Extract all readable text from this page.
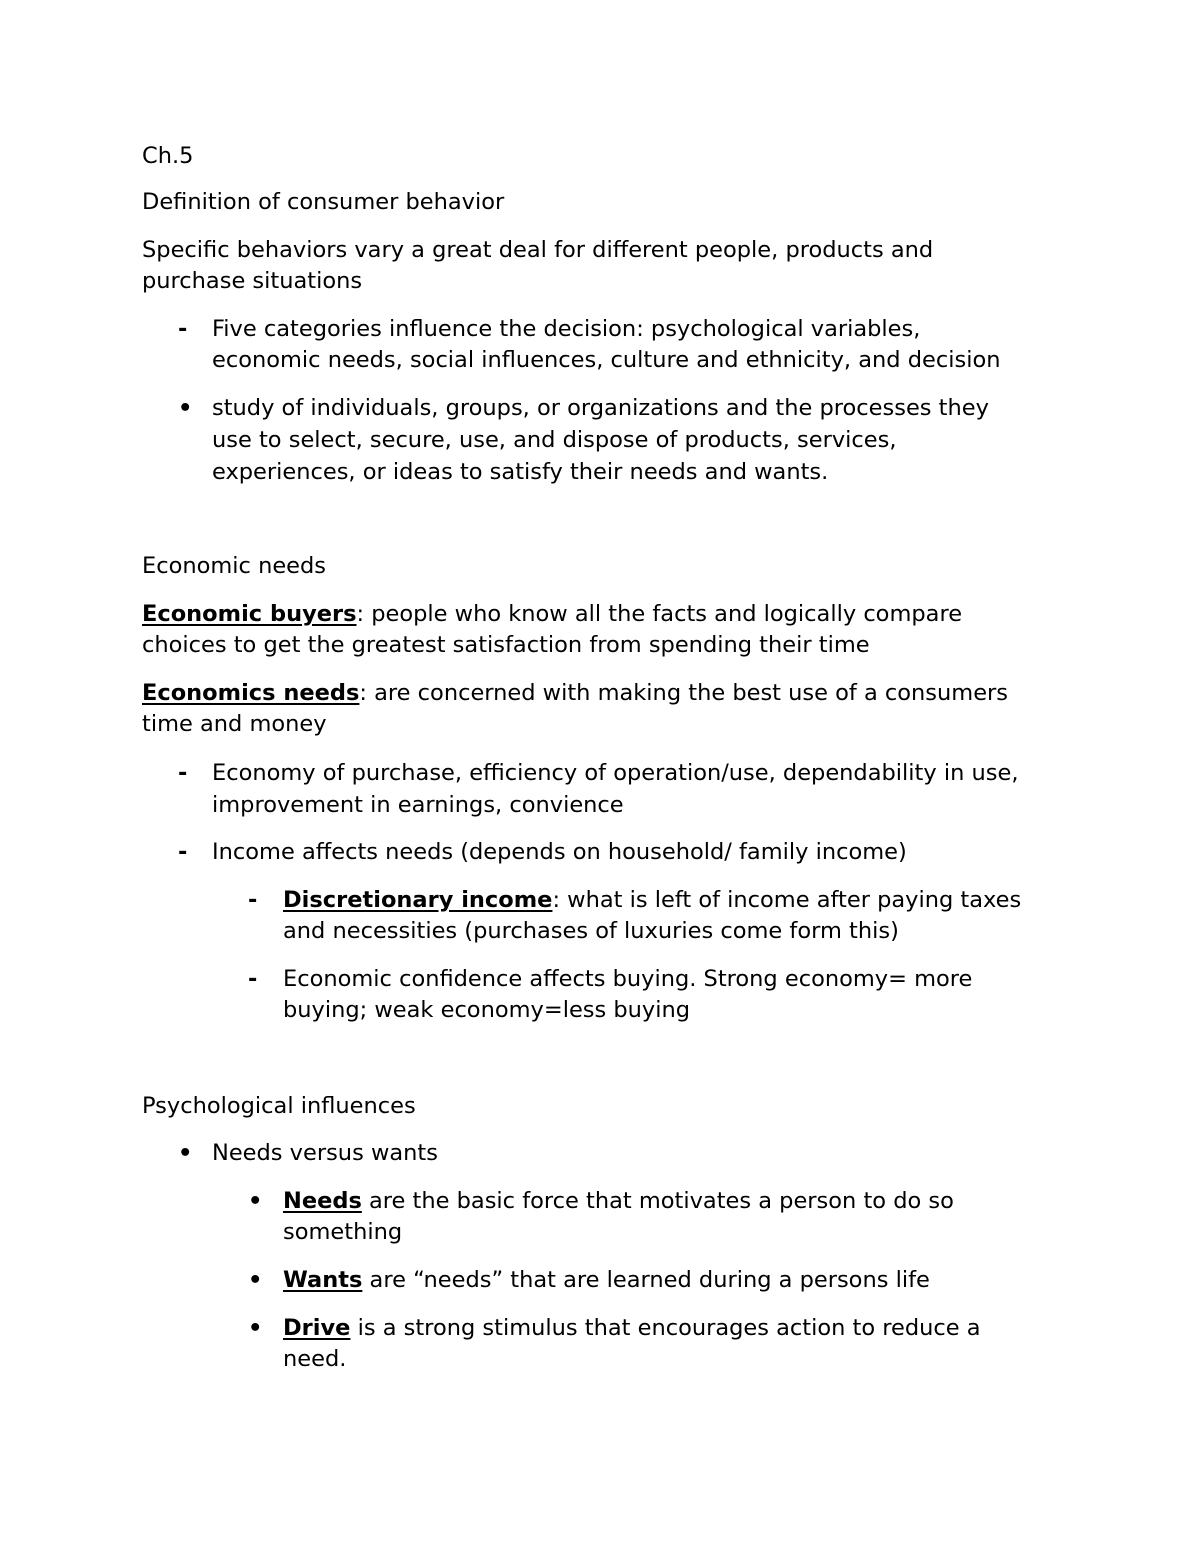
Ch.5
Definition of consumer behavior
Specific behaviors vary a great deal for different people, products and
purchase situations
- Five categories influence the decision: psychological variables,
economic needs, social influences, culture and ethnicity, and decision
• study of individuals, groups, or organizations and the processes they
use to select, secure, use, and dispose of products, services,
experiences, or ideas to satisfy their needs and wants.
Economic needs
Economic buyers: people who know all the facts and logically compare
choices to get the greatest satisfaction from spending their time
Economics needs: are concerned with making the best use of a consumers
time and money
- Economy of purchase, efficiency of operation/use, dependability in use,
improvement in earnings, convience
- Income affects needs (depends on household/ family income)
- Discretionary income: what is left of income after paying taxes
and necessities (purchases of luxuries come form this)
- Economic confidence affects buying. Strong economy= more
buying; weak economy=less buying
Psychological influences
• Needs versus wants
• Needs are the basic force that motivates a person to do so
something
• Wants are “needs” that are learned during a persons life
• Drive is a strong stimulus that encourages action to reduce a
need.
